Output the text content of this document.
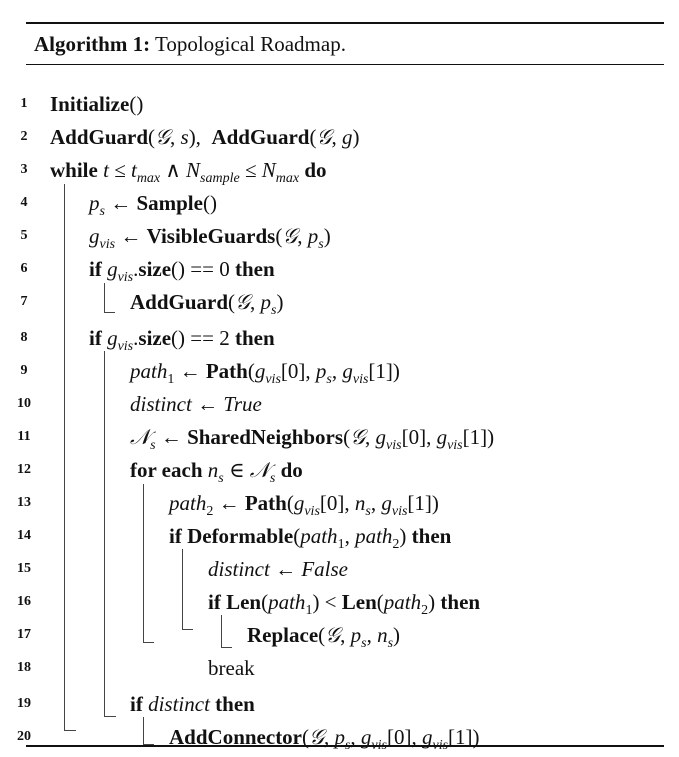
Algorithm 1: Topological Roadmap.
1
2
3
4
5
6
7
8
9
10
11
12
13
14
15
16
17
18
19
20
Initialize()
AddGuard(𝒢, s),  AddGuard(𝒢, g)
while $t \le t_{max}$ ∧ $N_{sample} \le N_{max}$ do
$p_s$ ← Sample()
$g_{vis}$ ← VisibleGuards(𝒢, $p_s$)
if $g_{vis}.size() == 0$ then
AddGuard(𝒢, $p_s$)
if $g_{vis}.size() == 2$ then
path$_1$ ← $Path(g_{vis}[0]$, $p_s$, $g_{vis}[1]$)
distinct ← True
𝒩$_s$ ← SharedNeighbors(𝒢, $g_{vis}[0]$, $g_{vis}[1]$)
for each $n_s$ ∈ 𝒩$_s$ do
path$_2$ ← $Path(g_{vis}[0]$, $n_s$, $g_{vis}[1]$)
if Deformable(path$_1$, path$_2$) then
distinct ← False
if Len(path$_1$) < Len(path$_2$) then
Replace(𝒢, $p_s$, $n_s$)
break
if distinct then
AddConnector(𝒢, $p_s$, $g_{vis}[0]$, $g_{vis}[1]$)
